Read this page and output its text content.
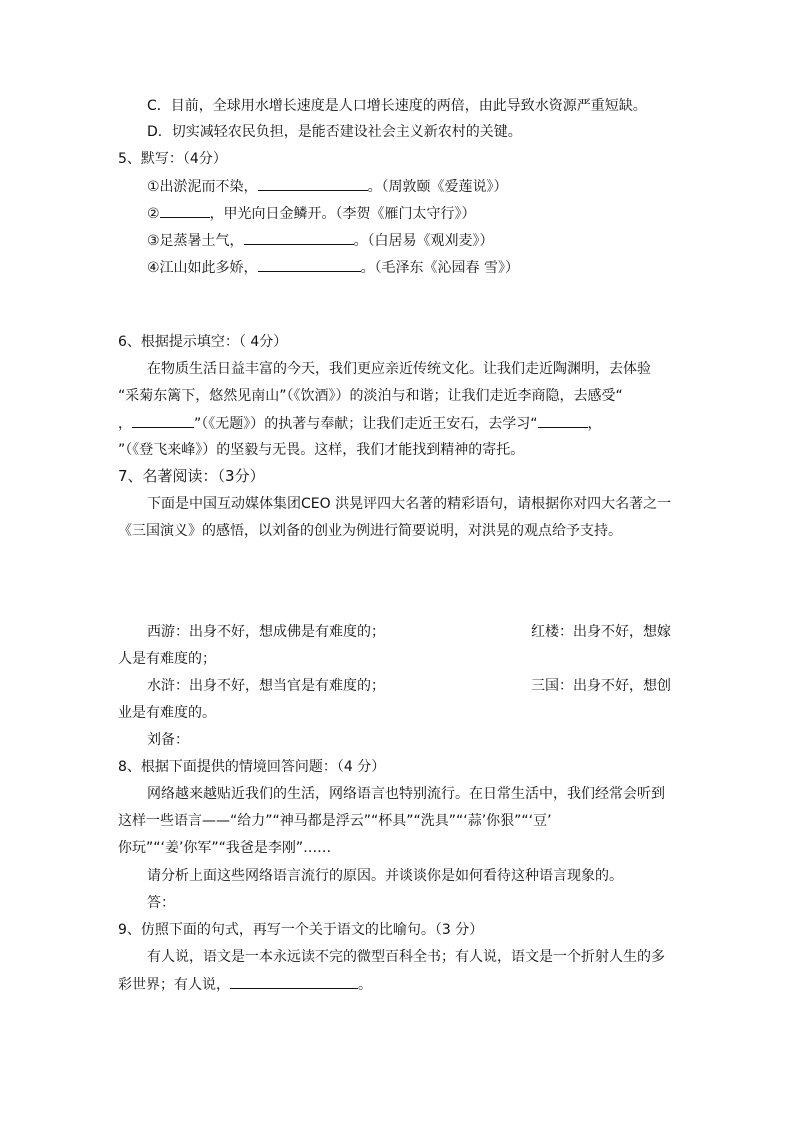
C．目前，全球用水增长速度是人口增长速度的两倍，由此导致水资源严重短缺。
D．切实减轻农民负担，是能否建设社会主义新农村的关键。
5、默写：（4分）
①出淤泥而不染，	。（周敦颐《爱莲说》）
②	，甲光向日金鳞开。（李贺《雁门太守行》）
③足蒸暑土气，	。（白居易《观刈麦》）
④江山如此多娇，	。（毛泽东《沁园春 雪》）
6、根据提示填空：（ 4分）
在物质生活日益丰富的今天，我们更应亲近传统文化。让我们走近陶渊明，去体验
“采菊东篱下，悠然见南山”（《饮酒》）的淡泊与和谐；让我们走近李商隐，去感受“
，	”（《无题》）的执著与奉献；让我们走近王安石，去学习“	，
”（《登飞来峰》）的坚毅与无畏。这样，我们才能找到精神的寄托。
7、名著阅读：（3分）
下面是中国互动媒体集团CEO 洪晃评四大名著的精彩语句，请根据你对四大名著之一
《三国演义》的感悟，以刘备的创业为例进行简要说明，对洪晃的观点给予支持。
西游：出身不好，想成佛是有难度的；	红楼：出身不好，想嫁
人是有难度的；
水浒：出身不好，想当官是有难度的；	三国：出身不好，想创
业是有难度的。
刘备：
8、根据下面提供的情境回答问题：（4 分）
网络越来越贴近我们的生活，网络语言也特别流行。在日常生活中，我们经常会听到
这样一些语言——“给力”“神马都是浮云”“杯具”“洗具”“‘蒜’你狠”“‘豆’
你玩”“‘姜’你军”“我爸是李刚”……
请分析上面这些网络语言流行的原因。并谈谈你是如何看待这种语言现象的。
答：
9、仿照下面的句式，再写一个关于语文的比喻句。（3 分）
有人说，语文是一本永远读不完的微型百科全书；有人说，语文是一个折射人生的多
彩世界；有人说，	。
